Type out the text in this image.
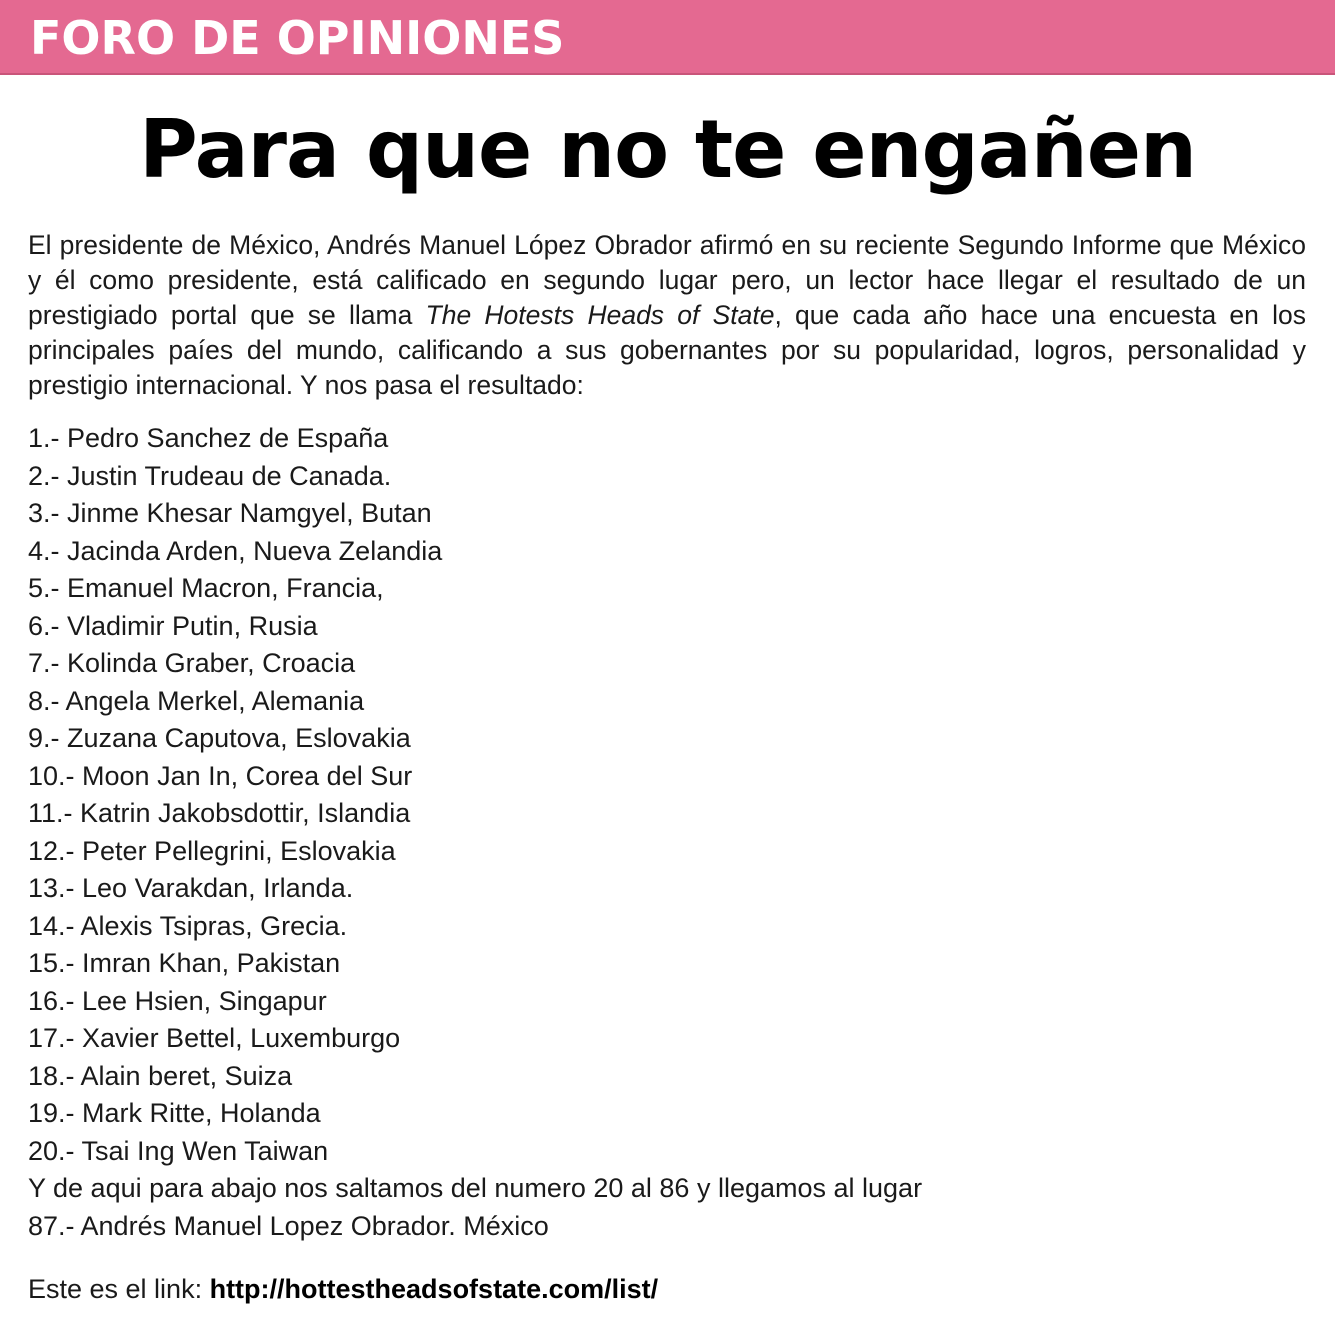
FORO DE OPINIONES
Para que no te engañen

El presidente de México, Andrés Manuel López Obrador afirmó en su reciente Segundo Informe que México y él como presidente, está calificado en segundo lugar pero, un lector hace llegar el resultado de un prestigiado portal que se llama The Hotests Heads of State, que cada año hace una encuesta en los principales paíes del mundo, calificando a sus gobernantes por su popularidad, logros, personalidad y prestigio internacional. Y nos pasa el resultado:

1.- Pedro Sanchez de España
2.- Justin Trudeau de Canada.
3.- Jinme Khesar Namgyel, Butan
4.- Jacinda Arden, Nueva Zelandia
5.- Emanuel Macron, Francia,
6.- Vladimir Putin, Rusia
7.- Kolinda Graber, Croacia
8.- Angela Merkel, Alemania
9.- Zuzana Caputova, Eslovakia
10.- Moon Jan In, Corea del Sur
11.- Katrin Jakobsdottir, Islandia
12.- Peter Pellegrini, Eslovakia
13.- Leo Varakdan, Irlanda.
14.- Alexis Tsipras, Grecia.
15.- Imran Khan, Pakistan
16.- Lee Hsien, Singapur
17.- Xavier Bettel, Luxemburgo
18.- Alain beret, Suiza
19.- Mark Ritte, Holanda
20.- Tsai Ing Wen Taiwan
Y de aqui para abajo nos saltamos del numero 20 al 86 y llegamos al lugar
87.- Andrés Manuel Lopez Obrador. México
Este es el link: http://hottestheadsofstate.com/list/
